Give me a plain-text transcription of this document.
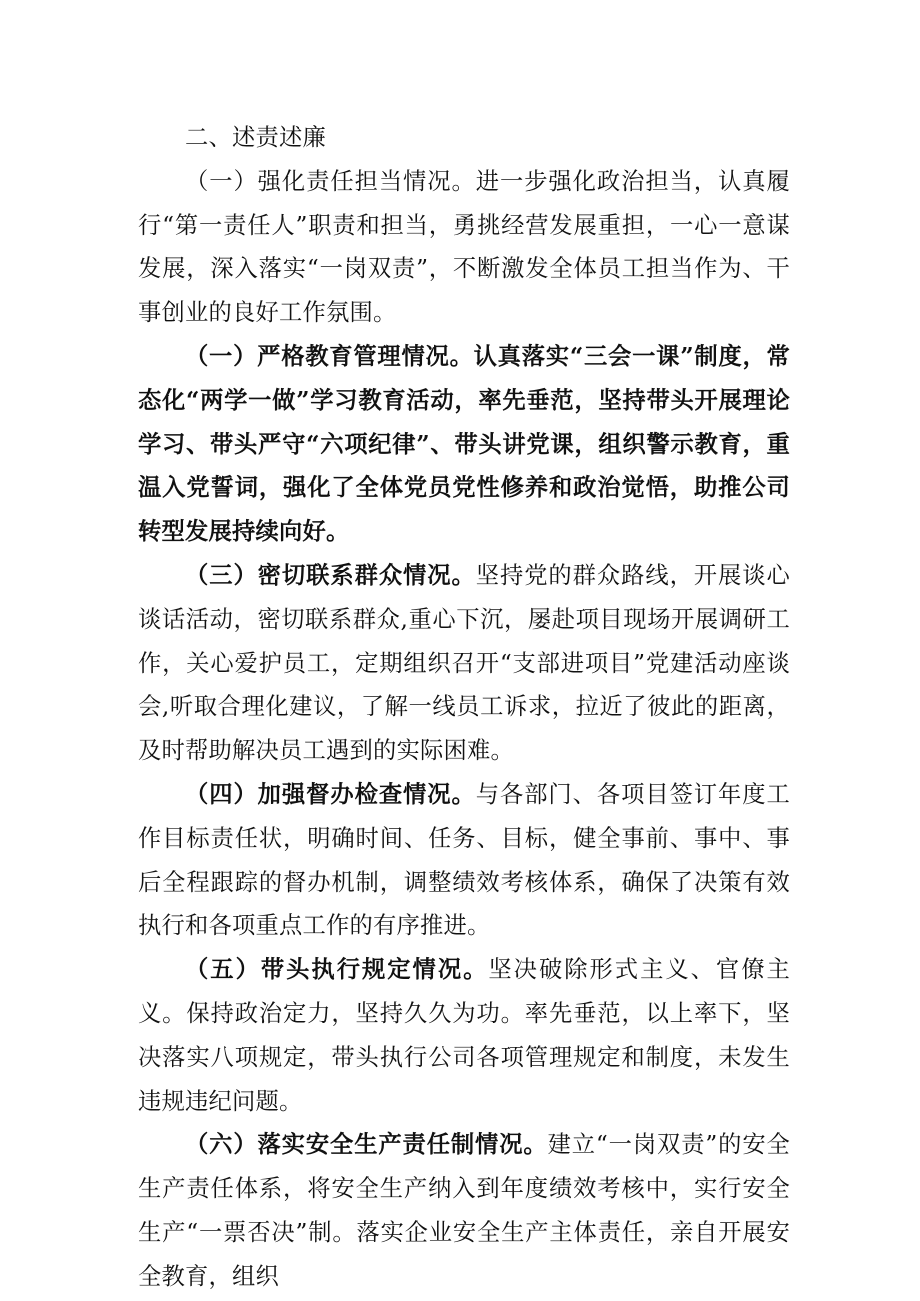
二、述责述廉

（一）强化责任担当情况。进一步强化政治担当，认真履行“第一责任人”职责和担当，勇挑经营发展重担，一心一意谋发展，深入落实“一岗双责”，不断激发全体员工担当作为、干事创业的良好工作氛围。

（一）严格教育管理情况。认真落实“三会一课”制度，常态化“两学一做”学习教育活动，率先垂范，坚持带头开展理论学习、带头严守“六项纪律”、带头讲党课，组织警示教育，重温入党誓词，强化了全体党员党性修养和政治觉悟，助推公司转型发展持续向好。

（三）密切联系群众情况。坚持党的群众路线，开展谈心谈话活动，密切联系群众,重心下沉，屡赴项目现场开展调研工作，关心爱护员工，定期组织召开“支部进项目”党建活动座谈会,听取合理化建议，了解一线员工诉求，拉近了彼此的距离，及时帮助解决员工遇到的实际困难。

（四）加强督办检查情况。与各部门、各项目签订年度工作目标责任状，明确时间、任务、目标，健全事前、事中、事后全程跟踪的督办机制，调整绩效考核体系，确保了决策有效执行和各项重点工作的有序推进。

（五）带头执行规定情况。坚决破除形式主义、官僚主义。保持政治定力，坚持久久为功。率先垂范，以上率下，坚决落实八项规定，带头执行公司各项管理规定和制度，未发生违规违纪问题。

（六）落实安全生产责任制情况。建立“一岗双责”的安全生产责任体系，将安全生产纳入到年度绩效考核中，实行安全生产“一票否决”制。落实企业安全生产主体责任，亲自开展安全教育，组织
